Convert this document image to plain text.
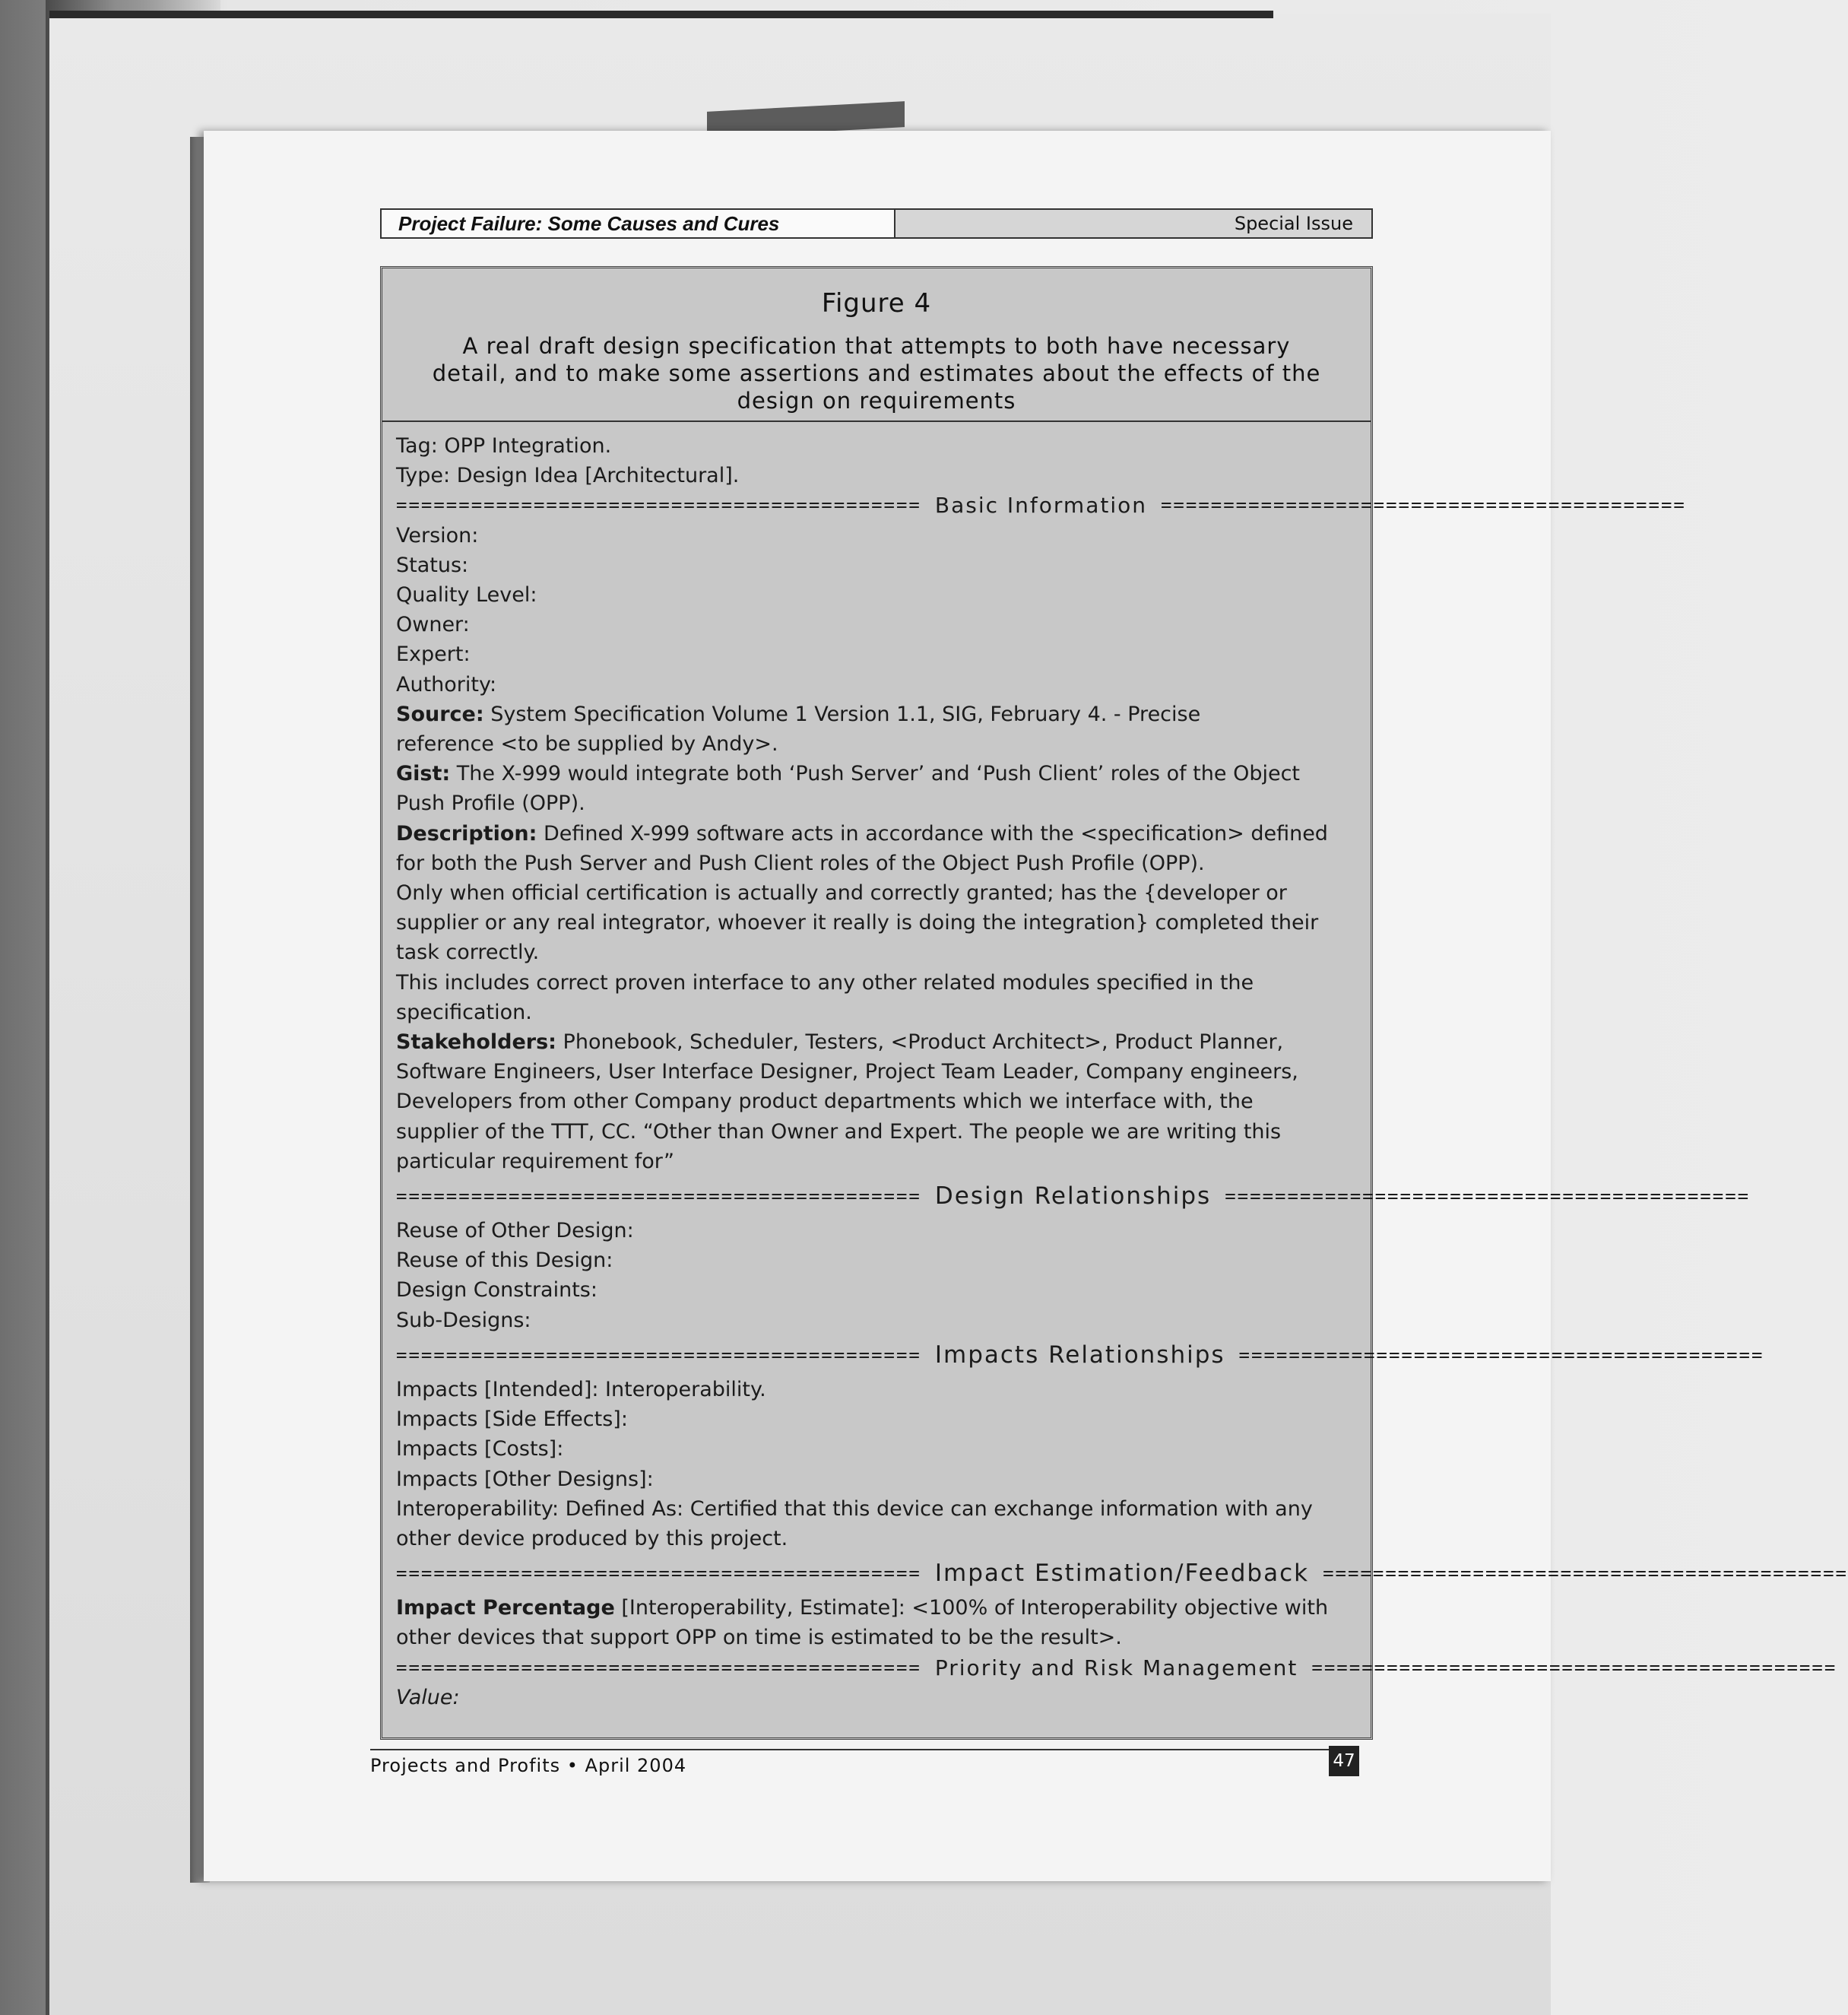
Project Failure: Some Causes and Cures	Special Issue
Figure 4
A real draft design specification that attempts to both have necessary detail, and to make some assertions and estimates about the effects of the design on requirements
Tag: OPP Integration.
Type: Design Idea [Architectural].
========================================== Basic Information ==========================================
Version:
Status:
Quality Level:
Owner:
Expert:
Authority:
Source: System Specification Volume 1 Version 1.1, SIG, February 4. - Precise
reference <to be supplied by Andy>.
Gist: The X-999 would integrate both ‘Push Server’ and ‘Push Client’ roles of the Object
Push Profile (OPP).
Description: Defined X-999 software acts in accordance with the <specification> defined
for both the Push Server and Push Client roles of the Object Push Profile (OPP).
Only when official certification is actually and correctly granted; has the {developer or
supplier or any real integrator, whoever it really is doing the integration} completed their
task correctly.
This includes correct proven interface to any other related modules specified in the
specification.
Stakeholders: Phonebook, Scheduler, Testers, <Product Architect>, Product Planner,
Software Engineers, User Interface Designer, Project Team Leader, Company engineers,
Developers from other Company product departments which we interface with, the
supplier of the TTT, CC. “Other than Owner and Expert. The people we are writing this
particular requirement for”
========================================== Design Relationships ==========================================
Reuse of Other Design:
Reuse of this Design:
Design Constraints:
Sub-Designs:
========================================== Impacts Relationships ==========================================
Impacts [Intended]: Interoperability.
Impacts [Side Effects]:
Impacts [Costs]:
Impacts [Other Designs]:
Interoperability: Defined As: Certified that this device can exchange information with any
other device produced by this project.
========================================== Impact Estimation/Feedback ==========================================
Impact Percentage [Interoperability, Estimate]: <100% of Interoperability objective with
other devices that support OPP on time is estimated to be the result>.
========================================== Priority and Risk Management ==========================================
Value:
Projects and Profits • April 2004	47
